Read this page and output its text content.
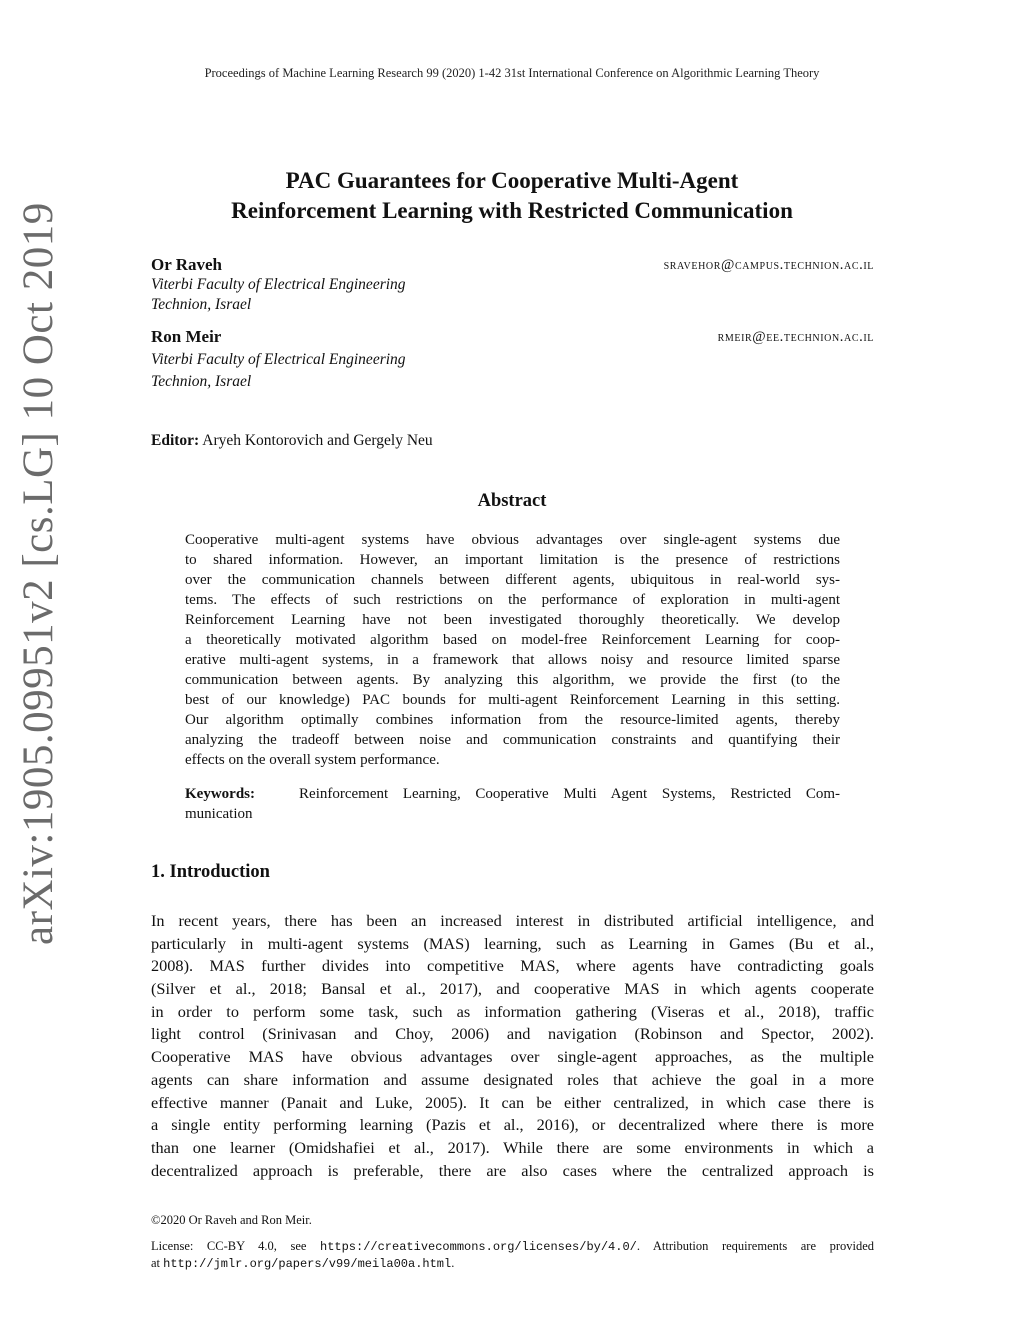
Proceedings of Machine Learning Research 99 (2020) 1-42 31st International Conference on Algorithmic Learning Theory
arXiv:1905.09951v2 [cs.LG] 10 Oct 2019
PAC Guarantees for Cooperative Multi-Agent
Reinforcement Learning with Restricted Communication
Or Raveh	sravehor@campus.technion.ac.il
Viterbi Faculty of Electrical Engineering
Technion, Israel
Ron Meir	rmeir@ee.technion.ac.il
Viterbi Faculty of Electrical Engineering
Technion, Israel
Editor: Aryeh Kontorovich and Gergely Neu
Abstract
Cooperative multi-agent systems have obvious advantages over single-agent systems due
to shared information. However, an important limitation is the presence of restrictions
over the communication channels between different agents, ubiquitous in real-world sys-
tems. The effects of such restrictions on the performance of exploration in multi-agent
Reinforcement Learning have not been investigated thoroughly theoretically. We develop
a theoretically motivated algorithm based on model-free Reinforcement Learning for coop-
erative multi-agent systems, in a framework that allows noisy and resource limited sparse
communication between agents. By analyzing this algorithm, we provide the first (to the
best of our knowledge) PAC bounds for multi-agent Reinforcement Learning in this setting.
Our algorithm optimally combines information from the resource-limited agents, thereby
analyzing the tradeoff between noise and communication constraints and quantifying their
effects on the overall system performance.
Keywords:	Reinforcement Learning, Cooperative Multi Agent Systems, Restricted Com-
munication
1. Introduction
In recent years, there has been an increased interest in distributed artificial intelligence, and
particularly in multi-agent systems (MAS) learning, such as Learning in Games (Bu et al.,
2008). MAS further divides into competitive MAS, where agents have contradicting goals
(Silver et al., 2018; Bansal et al., 2017), and cooperative MAS in which agents cooperate
in order to perform some task, such as information gathering (Viseras et al., 2018), traffic
light control (Srinivasan and Choy, 2006) and navigation (Robinson and Spector, 2002).
Cooperative MAS have obvious advantages over single-agent approaches, as the multiple
agents can share information and assume designated roles that achieve the goal in a more
effective manner (Panait and Luke, 2005). It can be either centralized, in which case there is
a single entity performing learning (Pazis et al., 2016), or decentralized where there is more
than one learner (Omidshafiei et al., 2017). While there are some environments in which a
decentralized approach is preferable, there are also cases where the centralized approach is
©2020 Or Raveh and Ron Meir.
License: CC-BY 4.0, see https://creativecommons.org/licenses/by/4.0/. Attribution requirements are provided
at http://jmlr.org/papers/v99/meila00a.html.
